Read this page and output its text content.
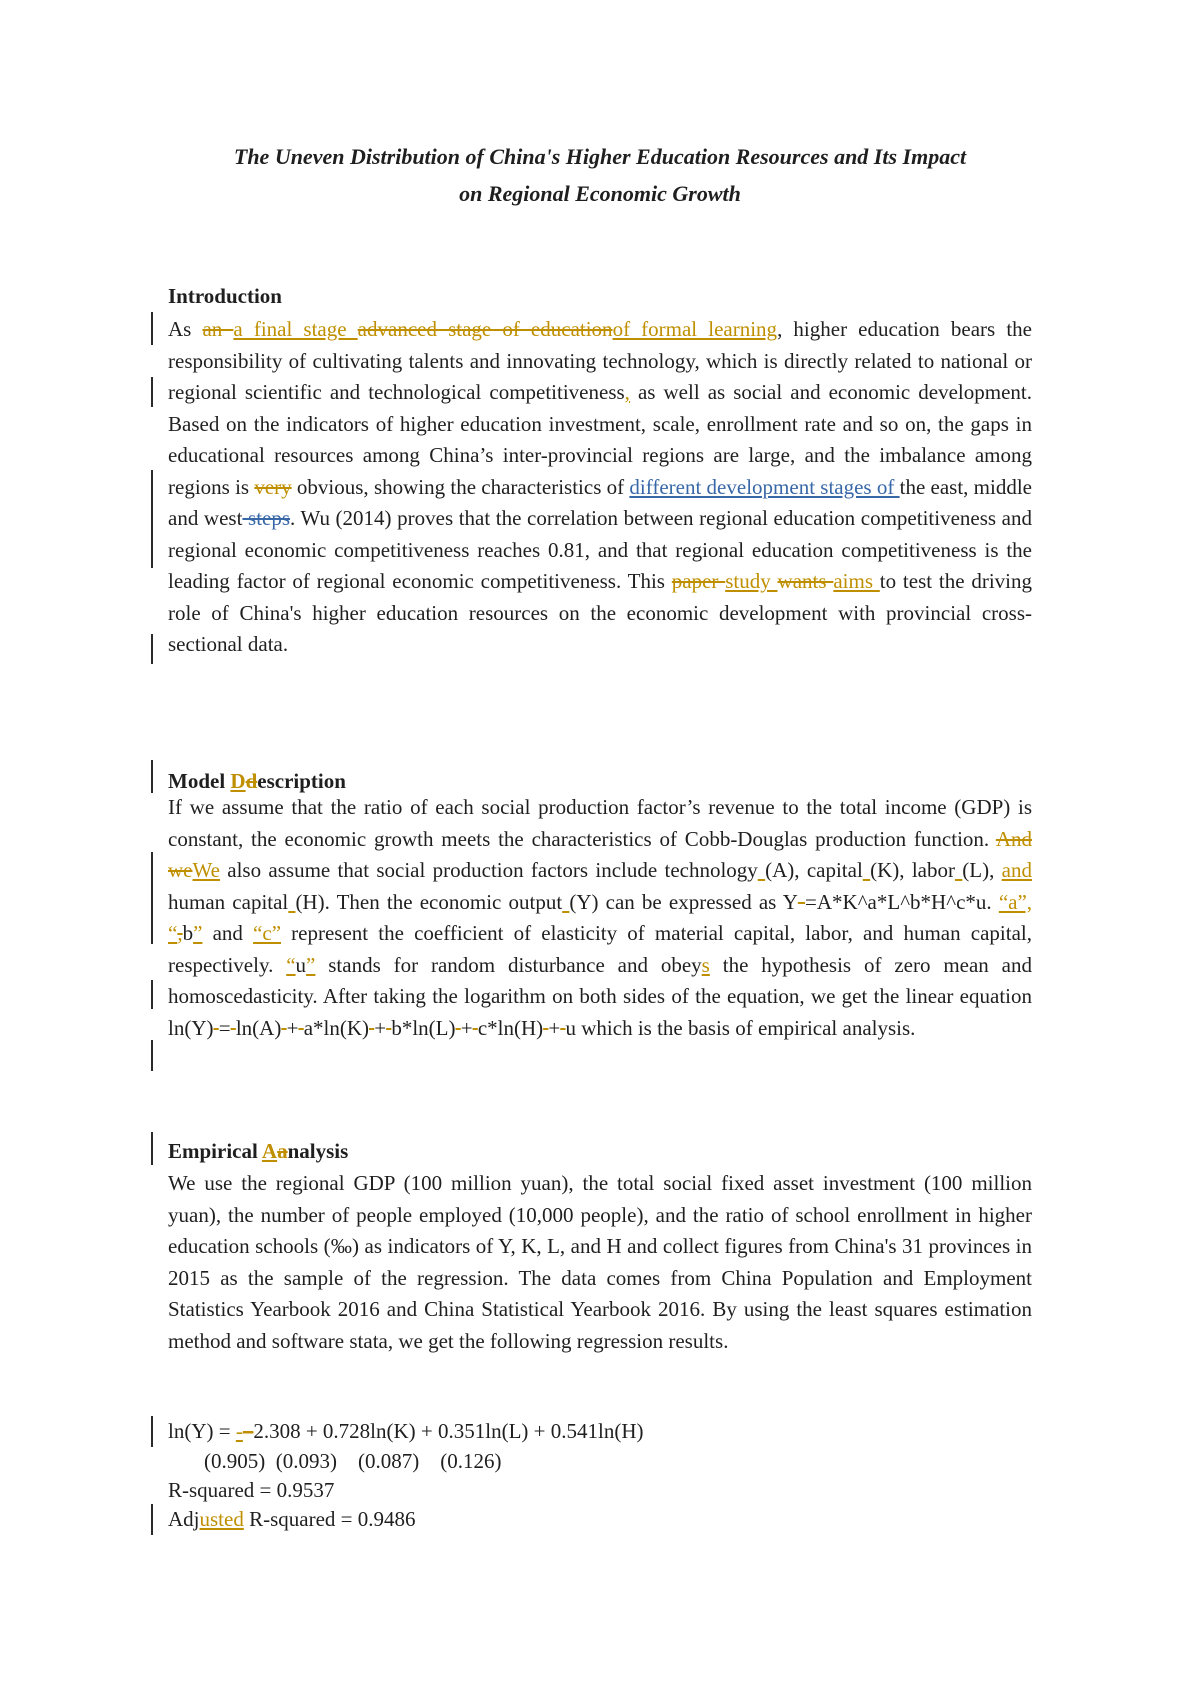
The Uneven Distribution of China's Higher Education Resources and Its Impact
on Regional Economic Growth
Introduction
As an a final stage advanced stage of educationof formal learning, higher education bears the responsibility of cultivating talents and innovating technology, which is directly related to national or regional scientific and technological competitiveness, as well as social and economic development. Based on the indicators of higher education investment, scale, enrollment rate and so on, the gaps in educational resources among China’s inter-provincial regions are large, and the imbalance among regions is very obvious, showing the characteristics of different development stages of the east, middle and west steps. Wu (2014) proves that the correlation between regional education competitiveness and regional economic competitiveness reaches 0.81, and that regional education competitiveness is the leading factor of regional economic competitiveness. This paper study wants aims to test the driving role of China's higher education resources on the economic development with provincial cross-sectional data.
Model Ddescription
If we assume that the ratio of each social production factor’s revenue to the total income (GDP) is constant, the economic growth meets the characteristics of Cobb-Douglas production function. And weWe also assume that social production factors include technology (A), capital (K), labor (L), and human capital (H). Then the economic output (Y) can be expressed as Y =A*K^a*L^b*H^c*u. “a”, “,b” and “c” represent the coefficient of elasticity of material capital, labor, and human capital, respectively. “u” stands for random disturbance and obeys the hypothesis of zero mean and homoscedasticity. After taking the logarithm on both sides of the equation, we get the linear equation ln(Y) = ln(A) + a*ln(K) + b*ln(L) + c*ln(H) + u which is the basis of empirical analysis.
Empirical Aanalysis
We use the regional GDP (100 million yuan), the total social fixed asset investment (100 million yuan), the number of people employed (10,000 people), and the ratio of school enrollment in higher education schools (‰) as indicators of Y, K, L, and H and collect figures from China's 31 provinces in 2015 as the sample of the regression. The data comes from China Population and Employment Statistics Yearbook 2016 and China Statistical Yearbook 2016. By using the least squares estimation method and software stata, we get the following regression results.
ln(Y) = -–2.308 + 0.728ln(K) + 0.351ln(L) + 0.541ln(H)
(0.905)  (0.093)    (0.087)    (0.126)
R-squared = 0.9537
Adjusted R-squared = 0.9486
